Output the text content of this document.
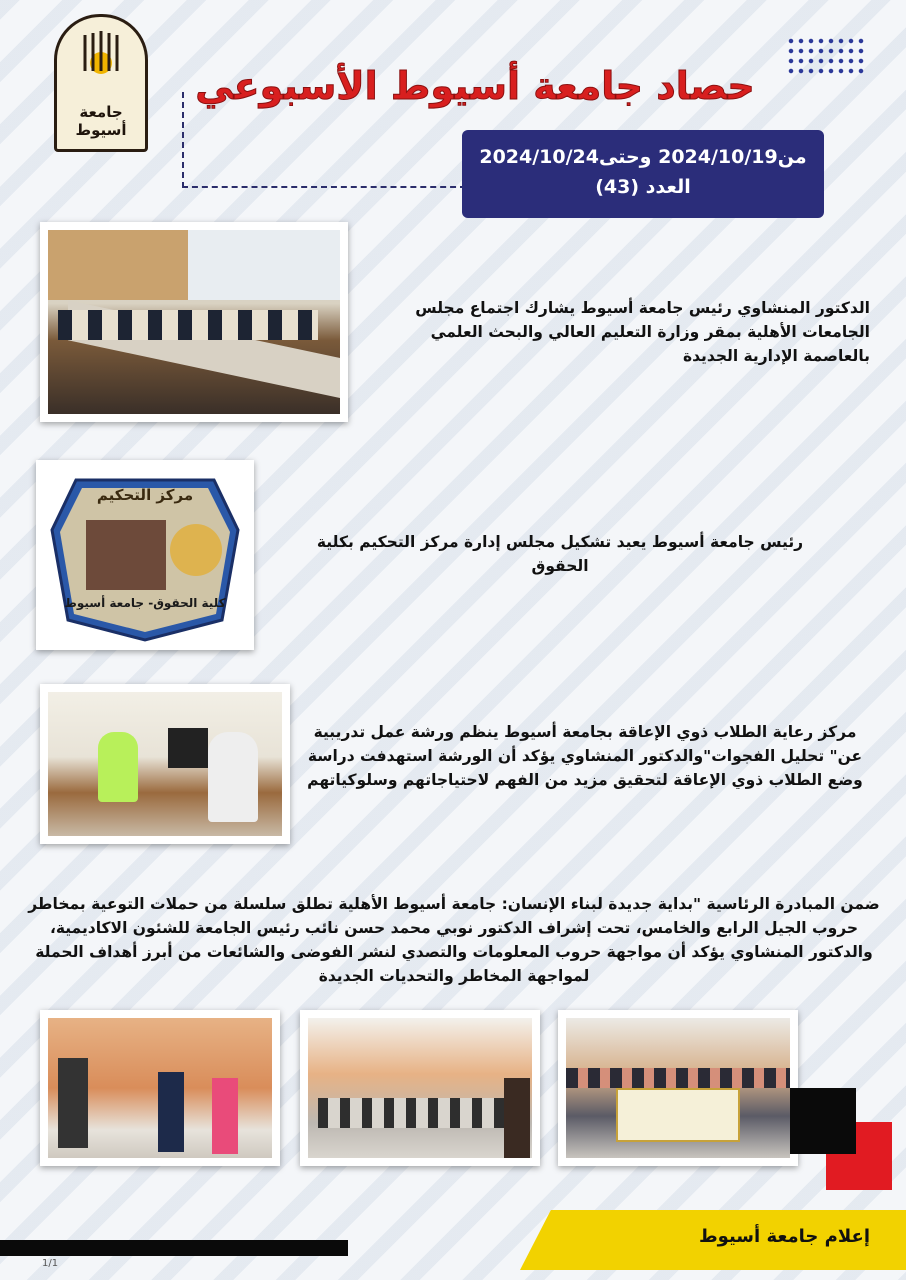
جامعة أسيوط
حصاد جامعة أسيوط الأسبوعي
من2024/10/19 وحتى2024/10/24
العدد (43)
الدكتور المنشاوي رئيس جامعة أسيوط يشارك اجتماع مجلس الجامعات الأهلية بمقر وزارة التعليم العالي والبحث العلمي بالعاصمة الإدارية الجديدة
مركز التحكيم
كلية الحقوق- جامعة أسيوط
رئيس جامعة أسيوط يعيد تشكيل مجلس إدارة مركز التحكيم بكلية الحقوق
مركز رعاية الطلاب ذوي الإعاقة بجامعة أسيوط ينظم ورشة عمل تدريبية عن" تحليل الفجوات"والدكتور المنشاوي يؤكد أن الورشة استهدفت دراسة وضع الطلاب ذوي الإعاقة لتحقيق مزيد من الفهم لاحتياجاتهم وسلوكياتهم
ضمن المبادرة الرئاسية "بداية جديدة لبناء الإنسان: جامعة أسيوط الأهلية تطلق سلسلة من حملات التوعية بمخاطر حروب الجيل الرابع والخامس، تحت إشراف الدكتور نوبي محمد حسن نائب رئيس الجامعة للشئون الاكاديمية، والدكتور المنشاوي يؤكد أن مواجهة حروب المعلومات والتصدي لنشر الفوضى والشائعات من أبرز أهداف الحملة لمواجهة المخاطر والتحديات الجديدة
إعلام جامعة أسيوط
1/1
